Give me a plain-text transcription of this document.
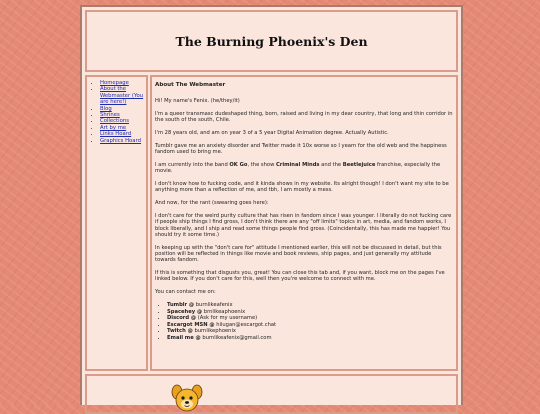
The Burning Phoenix's Den
• Homepage
• About the Webmaster (You are here!)
• Blog
• Shrines
• Collections
• Art by me
• Links Hoard
• Graphics Hoard
About The Webmaster

Hi! My name's Fenix. (he/they/it)

I'm a queer transmasc dudeshaped thing, born, raised and living in my dear country, that long and thin corridor in the south of the south, Chile.

I'm 28 years old, and am on year 3 of a 5 year Digital Animation degree. Actually Autistic.

Tumblr gave me an anxiety disorder and Twitter made it 10x worse so I yearn for the old web and the happiness fandom used to bring me.

I am currently into the band OK Go, the show Criminal Minds and the Beetlejuice franchise, especially the movie.

I don't know how to fucking code, and it kinda shows in my website. Its alright though! I don't want my site to be anything more than a reflection of me, and tbh, I am mostly a mess.

And now, for the rant (swearing goes here):

I don't care for the weird purity culture that has risen in fandom since I was younger. I literally do not fucking care if people ship things I find gross, I don't think there are any "off limits" topics in art, media, and fandom works, I block liberally, and I ship and read some things people find gross. (Coincidentally, this has made me happier! You should try it some time.)

In keeping up with the "don't care for" attitude I mentioned earlier, this will not be discussed in detail, but this position will be reflected in things like movie and book reviews, ship pages, and just generally my attitude towards fandom.

If this is something that disgusts you, great! You can close this tab and, if you want, block me on the pages I've linked below. If you don't care for this, well then you're welcome to connect with me.

You can contact me on:

• Tumblr @ burnlikeafenix
• Spacehey @ brnlikeaphoenix
• Discord @ (Ask for my username)
• Escargot MSN @ hilugan@escargot.chat
• Twitch @ burnlikephoenix
• Email me @ burnlikeafenix@gmail.com
